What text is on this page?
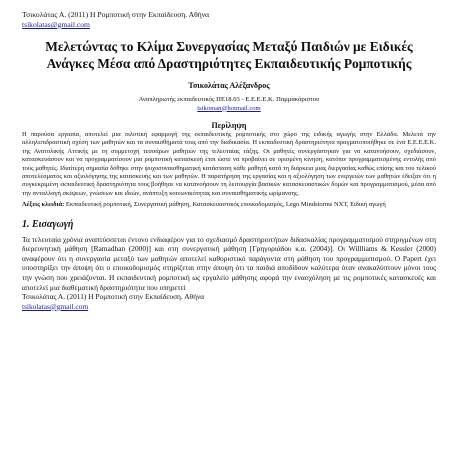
Τσικολάτας Α. (2011) Η Ρομποτική στην Εκπαίδευση. Αθήνα
tsikolatas@gmail.com
Μελετώντας το Κλίμα Συνεργασίας Μεταξύ Παιδιών με Ειδικές Ανάγκες Μέσα από Δραστηριότητες Εκπαιδευτικής Ρομποτικής
Τσικολάτας Αλέξανδρος
Αναπληρωτής εκπαιδευτικός ΠΕ18.03 - Ε.Ε.Ε.Ε.Κ. Παμμακάριστου
tsikoman@hotmail.com
Περίληψη
Η παρούσα εργασία, αποτελεί μια πιλοτική εφαρμογή της εκπαιδευτικής ρομποτικής στο χώρο της ειδικής αγωγής στην Ελλάδα. Μελετά την αλληλεπιδραστική σχέση των μαθητών και τα συναισθήματά τους από την διαδικασία. Η εκπαιδευτική δραστηριότητα πραγματοποιήθηκε σε ένα Ε.Ε.Ε.Ε.Κ. της Ανατολικής Αττικής με τη συμμετοχή τεσσάρων μαθητών της τελευταίας τάξης. Οι μαθητές συνεργάστηκαν για να κατανοήσουν, σχεδιάσουν, κατασκευάσουν και να προγραμματίσουν μια ρομποτική κατασκευή έτσι ώστε να προβαίνει σε ορισμένη κίνηση, κατόπιν προγραμματισμένης εντολής από τους μαθητές. Ιδιαίτερη σημασία δόθηκε στην ψυχοσυναισθηματική κατάσταση κάθε μαθητή κατά τη διάρκεια μιας διεργασίας καθώς επίσης και του τελικού αποτελέσματος και αξιολόγησης της κατασκευής και των μαθητών. Η παρατήρηση της εργασίας και η αξιολόγηση των ενεργειών των μαθητών έδειξαν ότι η συγκεκριμένη εκπαιδευτική δραστηριότητα τους βοήθησε να κατανοήσουν τη λειτουργία βασικών κατασκευαστικών δομών και προγραμματισμού, μέσα από την ανταλλαγή σκέψεων, γνώσεων και ιδεών, ανάπτυξη κοινωνικότητας και συναισθηματικής ωρίμανσης.
Λέξεις κλειδιά: Εκπαιδευτική ρομποτική, Συνεργατική μάθηση, Κατασκευαστικός εποικοδομισμός, Lego Mindstorms NXT, Ειδική αγωγή
1. Εισαγωγή
Τα τελευταία χρόνια αναπτύσσεται έντονο ενδιαφέρον για το σχεδιασμό δραστηριοτήτων διδασκαλίας προγραμματισμού στηριγμένων στη διερευνητική μάθηση [Ramadhan (2000)] και στη συνεργατική μάθηση [Γρηγοριάδου κ.α. (2004)]. Οι Willliams & Kessler (2000) αναφέρουν ότι η συνεργασία μεταξύ των μαθητών αποτελεί καθοριστικό παράγοντα στη μάθηση του προγραμματισμού. Ο Papert έχει υποστηρίξει την άποψη ότι ο εποικοδομισμός στηρίζεται στην άποψη ότι τα παιδιά αποδίδουν καλύτερα όταν ανακαλύπτουν μόνοι τους την γνώση που χρειάζονται. Η εκπαιδευτική ρομποτική ως εργαλείο μάθησης αφορά την ενασχόληση με τις ρομποτικές κατασκευές και αποτελεί μια διαθεματική δραστηριότητα που υπηρετεί
Τσικολάτας Α. (2011) Η Ρομποτική στην Εκπαίδευση. Αθήνα
tsikolatas@gmail.com
